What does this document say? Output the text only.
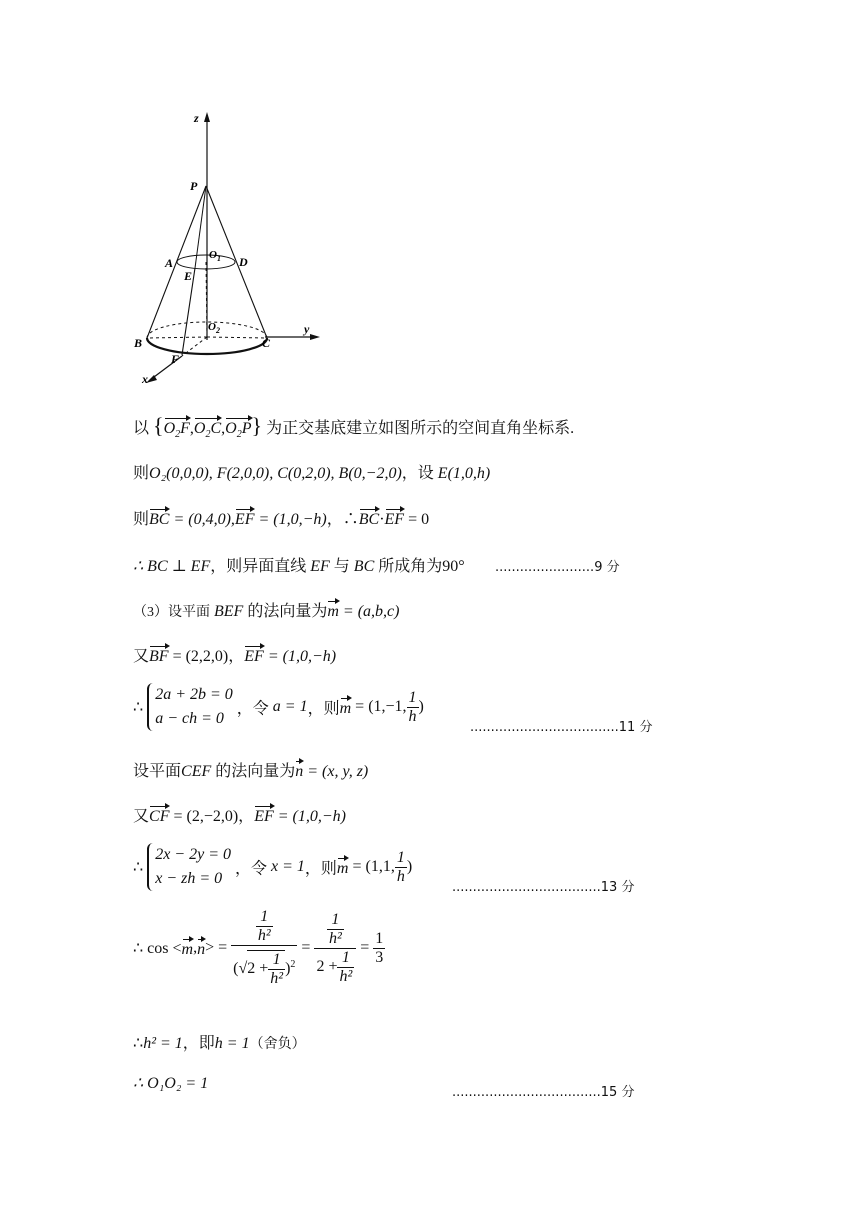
z
P
A	D
E
$O_1$
$O_2$	y
B	C
F
x
以 $\{O_2F,O_2C,O_2P\}$ 为正交基底建立如图所示的空间直角坐标系.
则O₂(0,0,0), F(2,0,0), C(0,2,0), B(0,−2,0)，设 E(1,0,h)
则BC = (0,4,0),EF = (1,0,−h)，∴BC·EF = 0
∴ BC ⊥ EF，则异面直线 EF 与 BC 所成角为90° ........................9 分
（3）设平面 BEF 的法向量为m = (a,b,c)
又BF = (2,2,0)，EF = (1,0,−h)
∴ 2a + 2b = 0
a − ch = 0 ，令 a = 1，则m = (1,−1, $\frac{1}{h}$ )
....................................11 分
设平面CEF 的法向量为n = (x, y, z)
又CF = (2,−2,0)，EF = (1,0,−h)
∴ 2x − 2y = 0
x − zh = 0 ，令 x = 1，则m = (1,1, $\frac{1}{h}$ )
....................................13 分
∴ $\cos <m,n> = \frac{\frac{1}{\text{h²}}}{(√2 + \frac{1}{\text{h²}} )^2} = \frac{\frac{1}{\text{h²}}}{2 + \frac{1}{\text{h²}}} = \frac{1}{3}$
∴h² = 1，即h = 1（舍负）
∴ O₁O₂ = 1
....................................15 分
